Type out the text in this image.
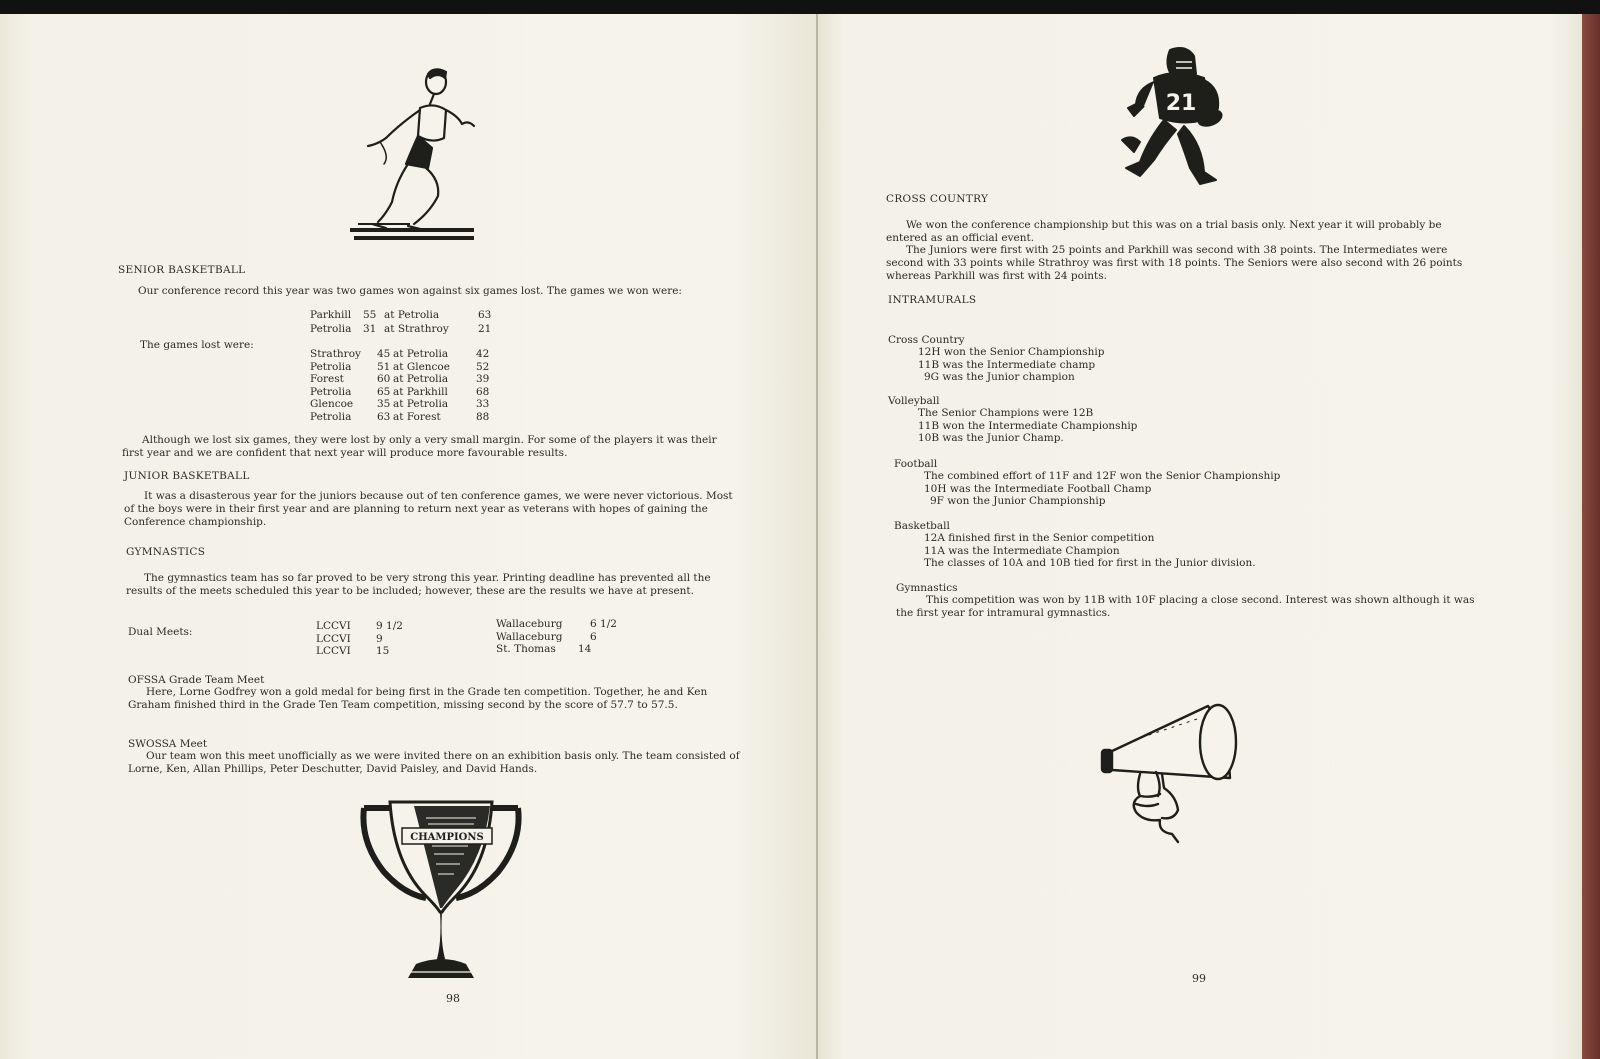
SENIOR BASKETBALL
Our conference record this year was two games won against six games lost. The games we won were:
Parkhill 55 at Petrolia	63
Petrolia 31 at Strathroy	21
The games lost were:
Strathroy 45 at Petrolia	42
Petrolia 51 at Glencoe 52
Forest	60 at Petrolia	39
Petrolia 65 at Parkhill	68
Glencoe 35 at Petrolia	33
Petrolia 63 at Forest	88
Although we lost six games, they were lost by only a very small margin. For some of the players it was their first year and we are confident that next year will produce more favourable results.
JUNIOR BASKETBALL
It was a disasterous year for the juniors because out of ten conference games, we were never victorious. Most of the boys were in their first year and are planning to return next year as veterans with hopes of gaining the Conference championship.
GYMNASTICS
The gymnastics team has so far proved to be very strong this year. Printing deadline has prevented all the results of the meets scheduled this year to be included; however, these are the results we have at present.
Dual Meets:	LCCVI 9 1/2	Wallaceburg	6 1/2
LCCVI 9	Wallaceburg	6
LCCVI 15	St. Thomas 14
OFSSA Grade Team Meet
Here, Lorne Godfrey won a gold medal for being first in the Grade ten competition. Together, he and Ken Graham finished third in the Grade Ten Team competition, missing second by the score of 57.7 to 57.5.
SWOSSA Meet
Our team won this meet unofficially as we were invited there on an exhibition basis only. The team consisted of Lorne, Ken, Allan Phillips, Peter Deschutter, David Paisley, and David Hands.
CHAMPIONS
98
21
CROSS COUNTRY
We won the conference championship but this was on a trial basis only. Next year it will probably be entered as an official event.
The Juniors were first with 25 points and Parkhill was second with 38 points. The Intermediates were second with 33 points while Strathroy was first with 18 points. The Seniors were also second with 26 points whereas Parkhill was first with 24 points.
INTRAMURALS
Cross Country
12H won the Senior Championship
11B was the Intermediate champ
9G was the Junior champion
Volleyball
The Senior Champions were 12B
11B won the Intermediate Championship
10B was the Junior Champ.
Football
The combined effort of 11F and 12F won the Senior Championship
10H was the Intermediate Football Champ
9F won the Junior Championship
Basketball
12A finished first in the Senior competition
11A was the Intermediate Champion
The classes of 10A and 10B tied for first in the Junior division.
Gymnastics
This competition was won by 11B with 10F placing a close second. Interest was shown although it was the first year for intramural gymnastics.
99
